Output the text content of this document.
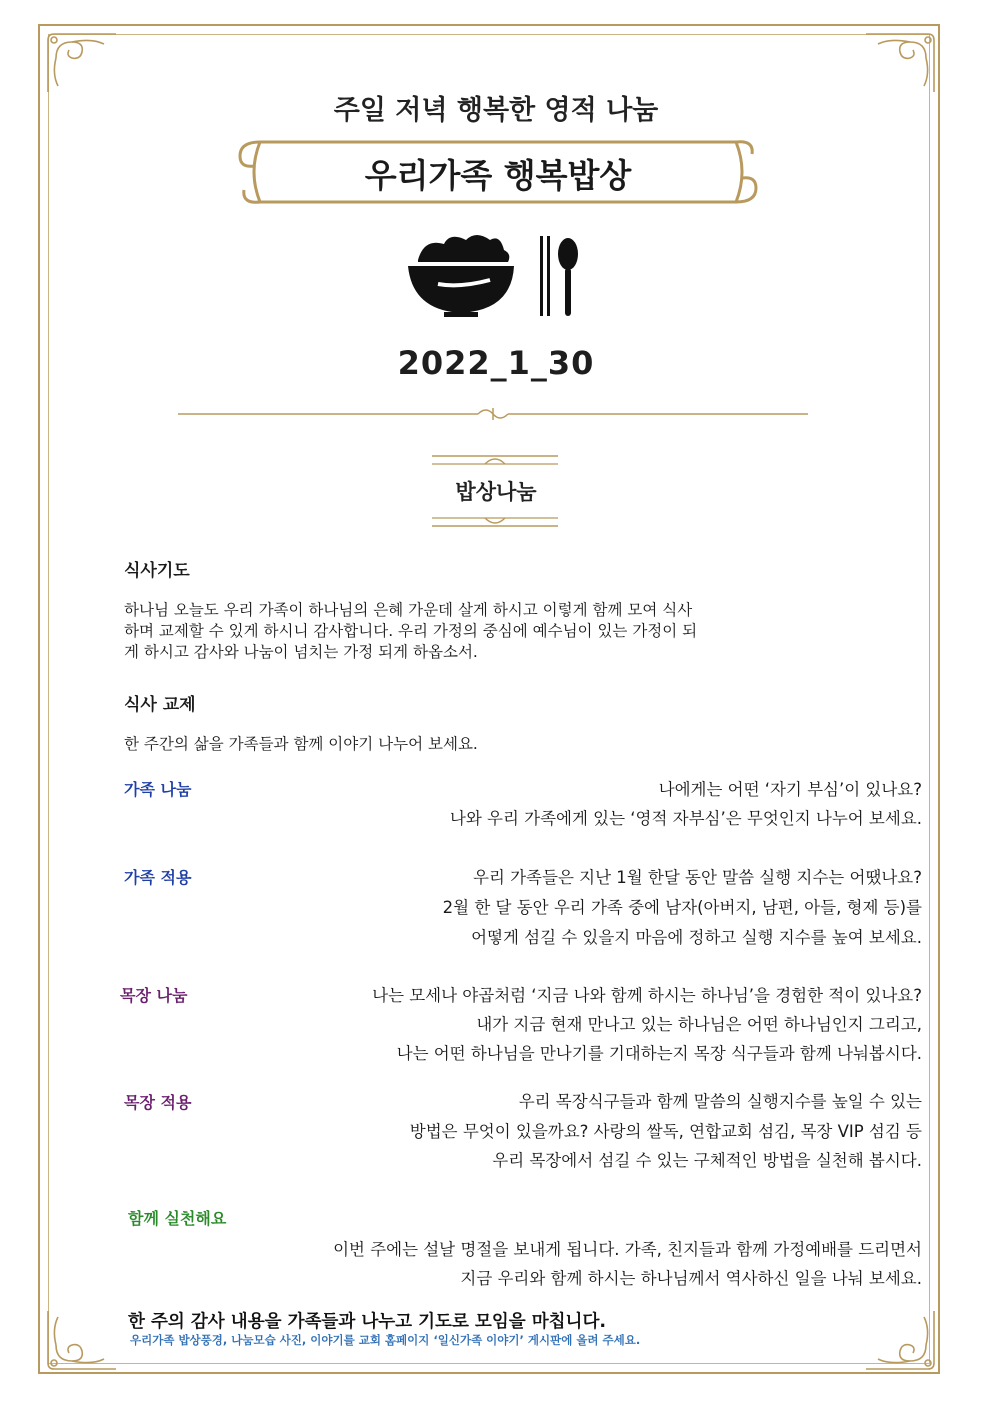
주일 저녁 행복한 영적 나눔
우리가족 행복밥상
2022_1_30
밥상나눔
식사기도
하나님 오늘도 우리 가족이 하나님의 은혜 가운데 살게 하시고 이렇게 함께 모여 식사
하며 교제할 수 있게 하시니 감사합니다. 우리 가정의 중심에 예수님이 있는 가정이 되
게 하시고 감사와 나눔이 넘치는 가정 되게 하옵소서.
식사 교제
한 주간의 삶을 가족들과 함께 이야기 나누어 보세요.
가족 나눔	나에게는 어떤 ‘자기 부심’이 있나요?
나와 우리 가족에게 있는 ‘영적 자부심’은 무엇인지 나누어 보세요.
가족 적용	우리 가족들은 지난 1월 한달 동안 말씀 실행 지수는 어땠나요?
2월 한 달 동안 우리 가족 중에 남자(아버지, 남편, 아들, 형제 등)를
어떻게 섬길 수 있을지 마음에 정하고 실행 지수를 높여 보세요.
목장 나눔	나는 모세나 야곱처럼 ‘지금 나와 함께 하시는 하나님’을 경험한 적이 있나요?
내가 지금 현재 만나고 있는 하나님은 어떤 하나님인지 그리고,
나는 어떤 하나님을 만나기를 기대하는지 목장 식구들과 함께 나눠봅시다.
목장 적용	우리 목장식구들과 함께 말씀의 실행지수를 높일 수 있는
방법은 무엇이 있을까요? 사랑의 쌀독, 연합교회 섬김, 목장 VIP 섬김 등
우리 목장에서 섬길 수 있는 구체적인 방법을 실천해 봅시다.
함께 실천해요
이번 주에는 설날 명절을 보내게 됩니다. 가족, 친지들과 함께 가정예배를 드리면서
지금 우리와 함께 하시는 하나님께서 역사하신 일을 나눠 보세요.
한 주의 감사 내용을 가족들과 나누고 기도로 모임을 마칩니다.
우리가족 밥상풍경, 나눔모습 사진, 이야기를 교회 홈페이지 ‘일신가족 이야기’ 게시판에 올려 주세요.
